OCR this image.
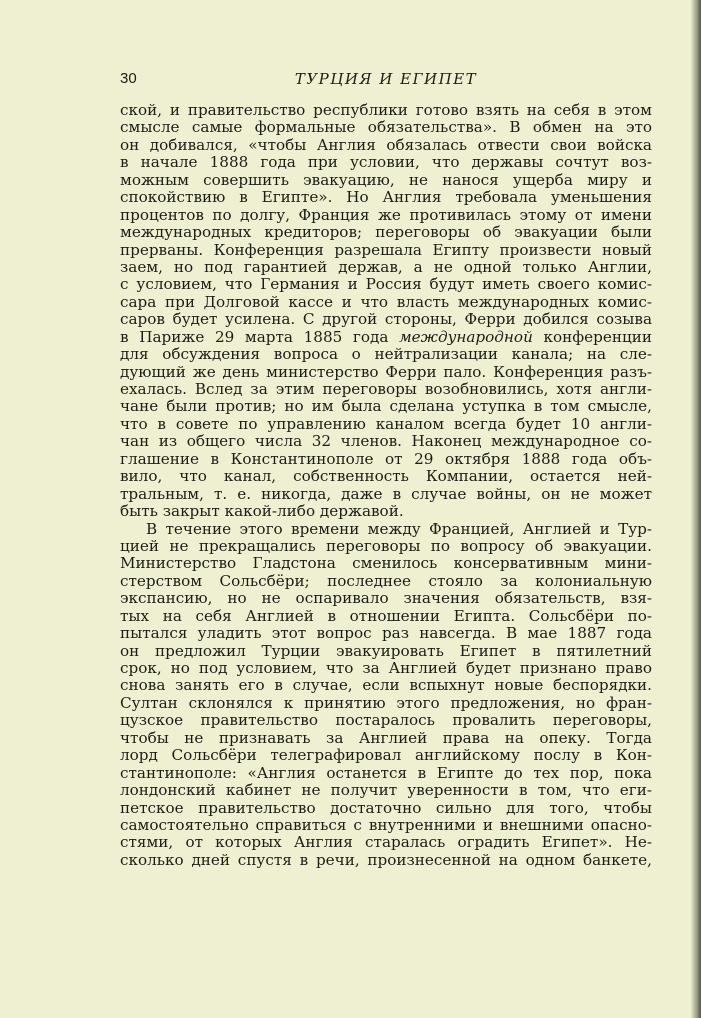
30	ТУРЦИЯ И ЕГИПЕТ
ской, и правительство республики готово взять на себя в этом
смысле самые формальные обязательства». В обмен на это
он добивался, «чтобы Англия обязалась отвести свои войска
в начале 1888 года при условии, что державы сочтут воз-
можным совершить эвакуацию, не нанося ущерба миру и
спокойствию в Египте». Но Англия требовала уменьшения
процентов по долгу, Франция же противилась этому от имени
международных кредиторов; переговоры об эвакуации были
прерваны. Конференция разрешала Египту произвести новый
заем, но под гарантией держав, а не одной только Англии,
с условием, что Германия и Россия будут иметь своего комис-
сара при Долговой кассе и что власть международных комис-
саров будет усилена. С другой стороны, Ферри добился созыва
в Париже 29 марта 1885 года международной конференции
для обсуждения вопроса о нейтрализации канала; на сле-
дующий же день министерство Ферри пало. Конференция разъ-
ехалась. Вслед за этим переговоры возобновились, хотя англи-
чане были против; но им была сделана уступка в том смысле,
что в совете по управлению каналом всегда будет 10 англи-
чан из общего числа 32 членов. Наконец международное со-
глашение в Константинополе от 29 октября 1888 года объ-
вило, что канал, собственность Компании, остается ней-
тральным, т. е. никогда, даже в случае войны, он не может
быть закрыт какой-либо державой.
В течение этого времени между Францией, Англией и Тур-
цией не прекращались переговоры по вопросу об эвакуации.
Министерство Гладстона сменилось консервативным мини-
стерством Сольсбёри; последнее стояло за колониальную
экспансию, но не оспаривало значения обязательств, взя-
тых на себя Англией в отношении Египта. Сольсбёри по-
пытался уладить этот вопрос раз навсегда. В мае 1887 года
он предложил Турции эвакуировать Египет в пятилетний
срок, но под условием, что за Англией будет признано право
снова занять его в случае, если вспыхнут новые беспорядки.
Султан склонялся к принятию этого предложения, но фран-
цузское правительство постаралось провалить переговоры,
чтобы не признавать за Англией права на опеку. Тогда
лорд Сольсбёри телеграфировал английскому послу в Кон-
стантинополе: «Англия останется в Египте до тех пор, пока
лондонский кабинет не получит уверенности в том, что еги-
петское правительство достаточно сильно для того, чтобы
самостоятельно справиться с внутренними и внешними опасно-
стями, от которых Англия старалась оградить Египет». Не-
сколько дней спустя в речи, произнесенной на одном банкете,
